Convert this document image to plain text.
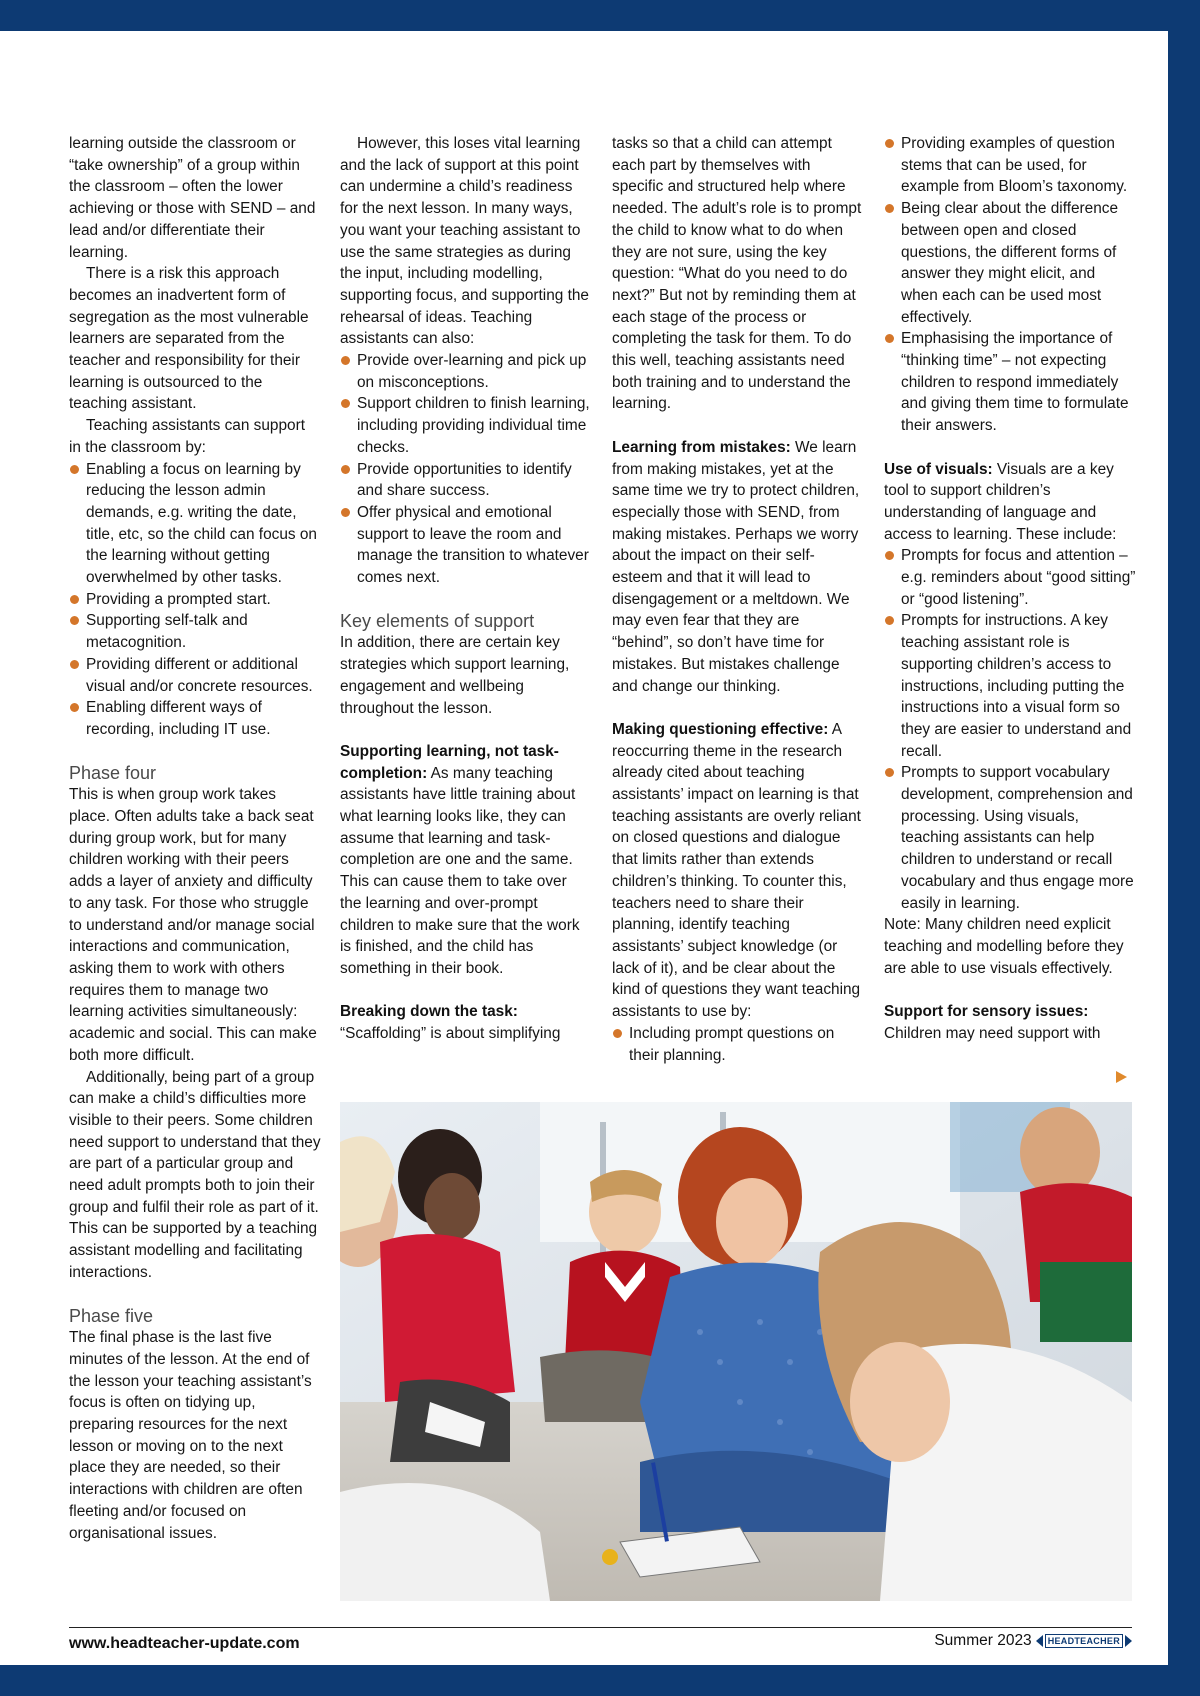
learning outside the classroom or “take ownership” of a group within the classroom – often the lower achieving or those with SEND – and lead and/or differentiate their learning.

There is a risk this approach becomes an inadvertent form of segregation as the most vulnerable learners are separated from the teacher and responsibility for their learning is outsourced to the teaching assistant.

Teaching assistants can support in the classroom by:

Enabling a focus on learning by reducing the lesson admin demands, e.g. writing the date, title, etc, so the child can focus on the learning without getting overwhelmed by other tasks.
Providing a prompted start.
Supporting self-talk and metacognition.
Providing different or additional visual and/or concrete resources.
Enabling different ways of recording, including IT use.

Phase four

This is when group work takes place. Often adults take a back seat during group work, but for many children working with their peers adds a layer of anxiety and difficulty to any task. For those who struggle to understand and/or manage social interactions and communication, asking them to work with others requires them to manage two learning activities simultaneously: academic and social. This can make both more difficult.

Additionally, being part of a group can make a child’s difficulties more visible to their peers. Some children need support to understand that they are part of a particular group and need adult prompts both to join their group and fulfil their role as part of it. This can be supported by a teaching assistant modelling and facilitating interactions.

Phase five

The final phase is the last five minutes of the lesson. At the end of the lesson your teaching assistant’s focus is often on tidying up, preparing resources for the next lesson or moving on to the next place they are needed, so their interactions with children are often fleeting and/or focused on organisational issues.

However, this loses vital learning and the lack of support at this point can undermine a child’s readiness for the next lesson. In many ways, you want your teaching assistant to use the same strategies as during the input, including modelling, supporting focus, and supporting the rehearsal of ideas. Teaching assistants can also:

Provide over-learning and pick up on misconceptions.
Support children to finish learning, including providing individual time checks.
Provide opportunities to identify and share success.
Offer physical and emotional support to leave the room and manage the transition to whatever comes next.

Key elements of support

In addition, there are certain key strategies which support learning, engagement and wellbeing throughout the lesson.

Supporting learning, not task-completion: As many teaching assistants have little training about what learning looks like, they can assume that learning and task-completion are one and the same. This can cause them to take over the learning and over-prompt children to make sure that the work is finished, and the child has something in their book.

Breaking down the task:

“Scaffolding” is about simplifying

tasks so that a child can attempt each part by themselves with specific and structured help where needed. The adult’s role is to prompt the child to know what to do when they are not sure, using the key question: “What do you need to do next?” But not by reminding them at each stage of the process or completing the task for them. To do this well, teaching assistants need both training and to understand the learning.

Learning from mistakes: We learn from making mistakes, yet at the same time we try to protect children, especially those with SEND, from making mistakes. Perhaps we worry about the impact on their self-esteem and that it will lead to disengagement or a meltdown. We may even fear that they are “behind”, so don’t have time for mistakes. But mistakes challenge and change our thinking.

Making questioning effective: A reoccurring theme in the research already cited about teaching assistants’ impact on learning is that teaching assistants are overly reliant on closed questions and dialogue that limits rather than extends children’s thinking. To counter this, teachers need to share their planning, identify teaching assistants’ subject knowledge (or lack of it), and be clear about the kind of questions they want teaching assistants to use by:

Including prompt questions on their planning.
Providing examples of question stems that can be used, for example from Bloom’s taxonomy.
Being clear about the difference between open and closed questions, the different forms of answer they might elicit, and when each can be used most effectively.
Emphasising the importance of “thinking time” – not expecting children to respond immediately and giving them time to formulate their answers.

Use of visuals: Visuals are a key tool to support children’s understanding of language and access to learning. These include:

Prompts for focus and attention – e.g. reminders about “good sitting” or “good listening”.
Prompts for instructions. A key teaching assistant role is supporting children’s access to instructions, including putting the instructions into a visual form so they are easier to understand and recall.
Prompts to support vocabulary development, comprehension and processing. Using visuals, teaching assistants can help children to understand or recall vocabulary and thus engage more easily in learning.

Note: Many children need explicit teaching and modelling before they are able to use visuals effectively.

Support for sensory issues:

Children may need support with

www.headteacher-update.com	Summer 2023	HEADTEACHER
